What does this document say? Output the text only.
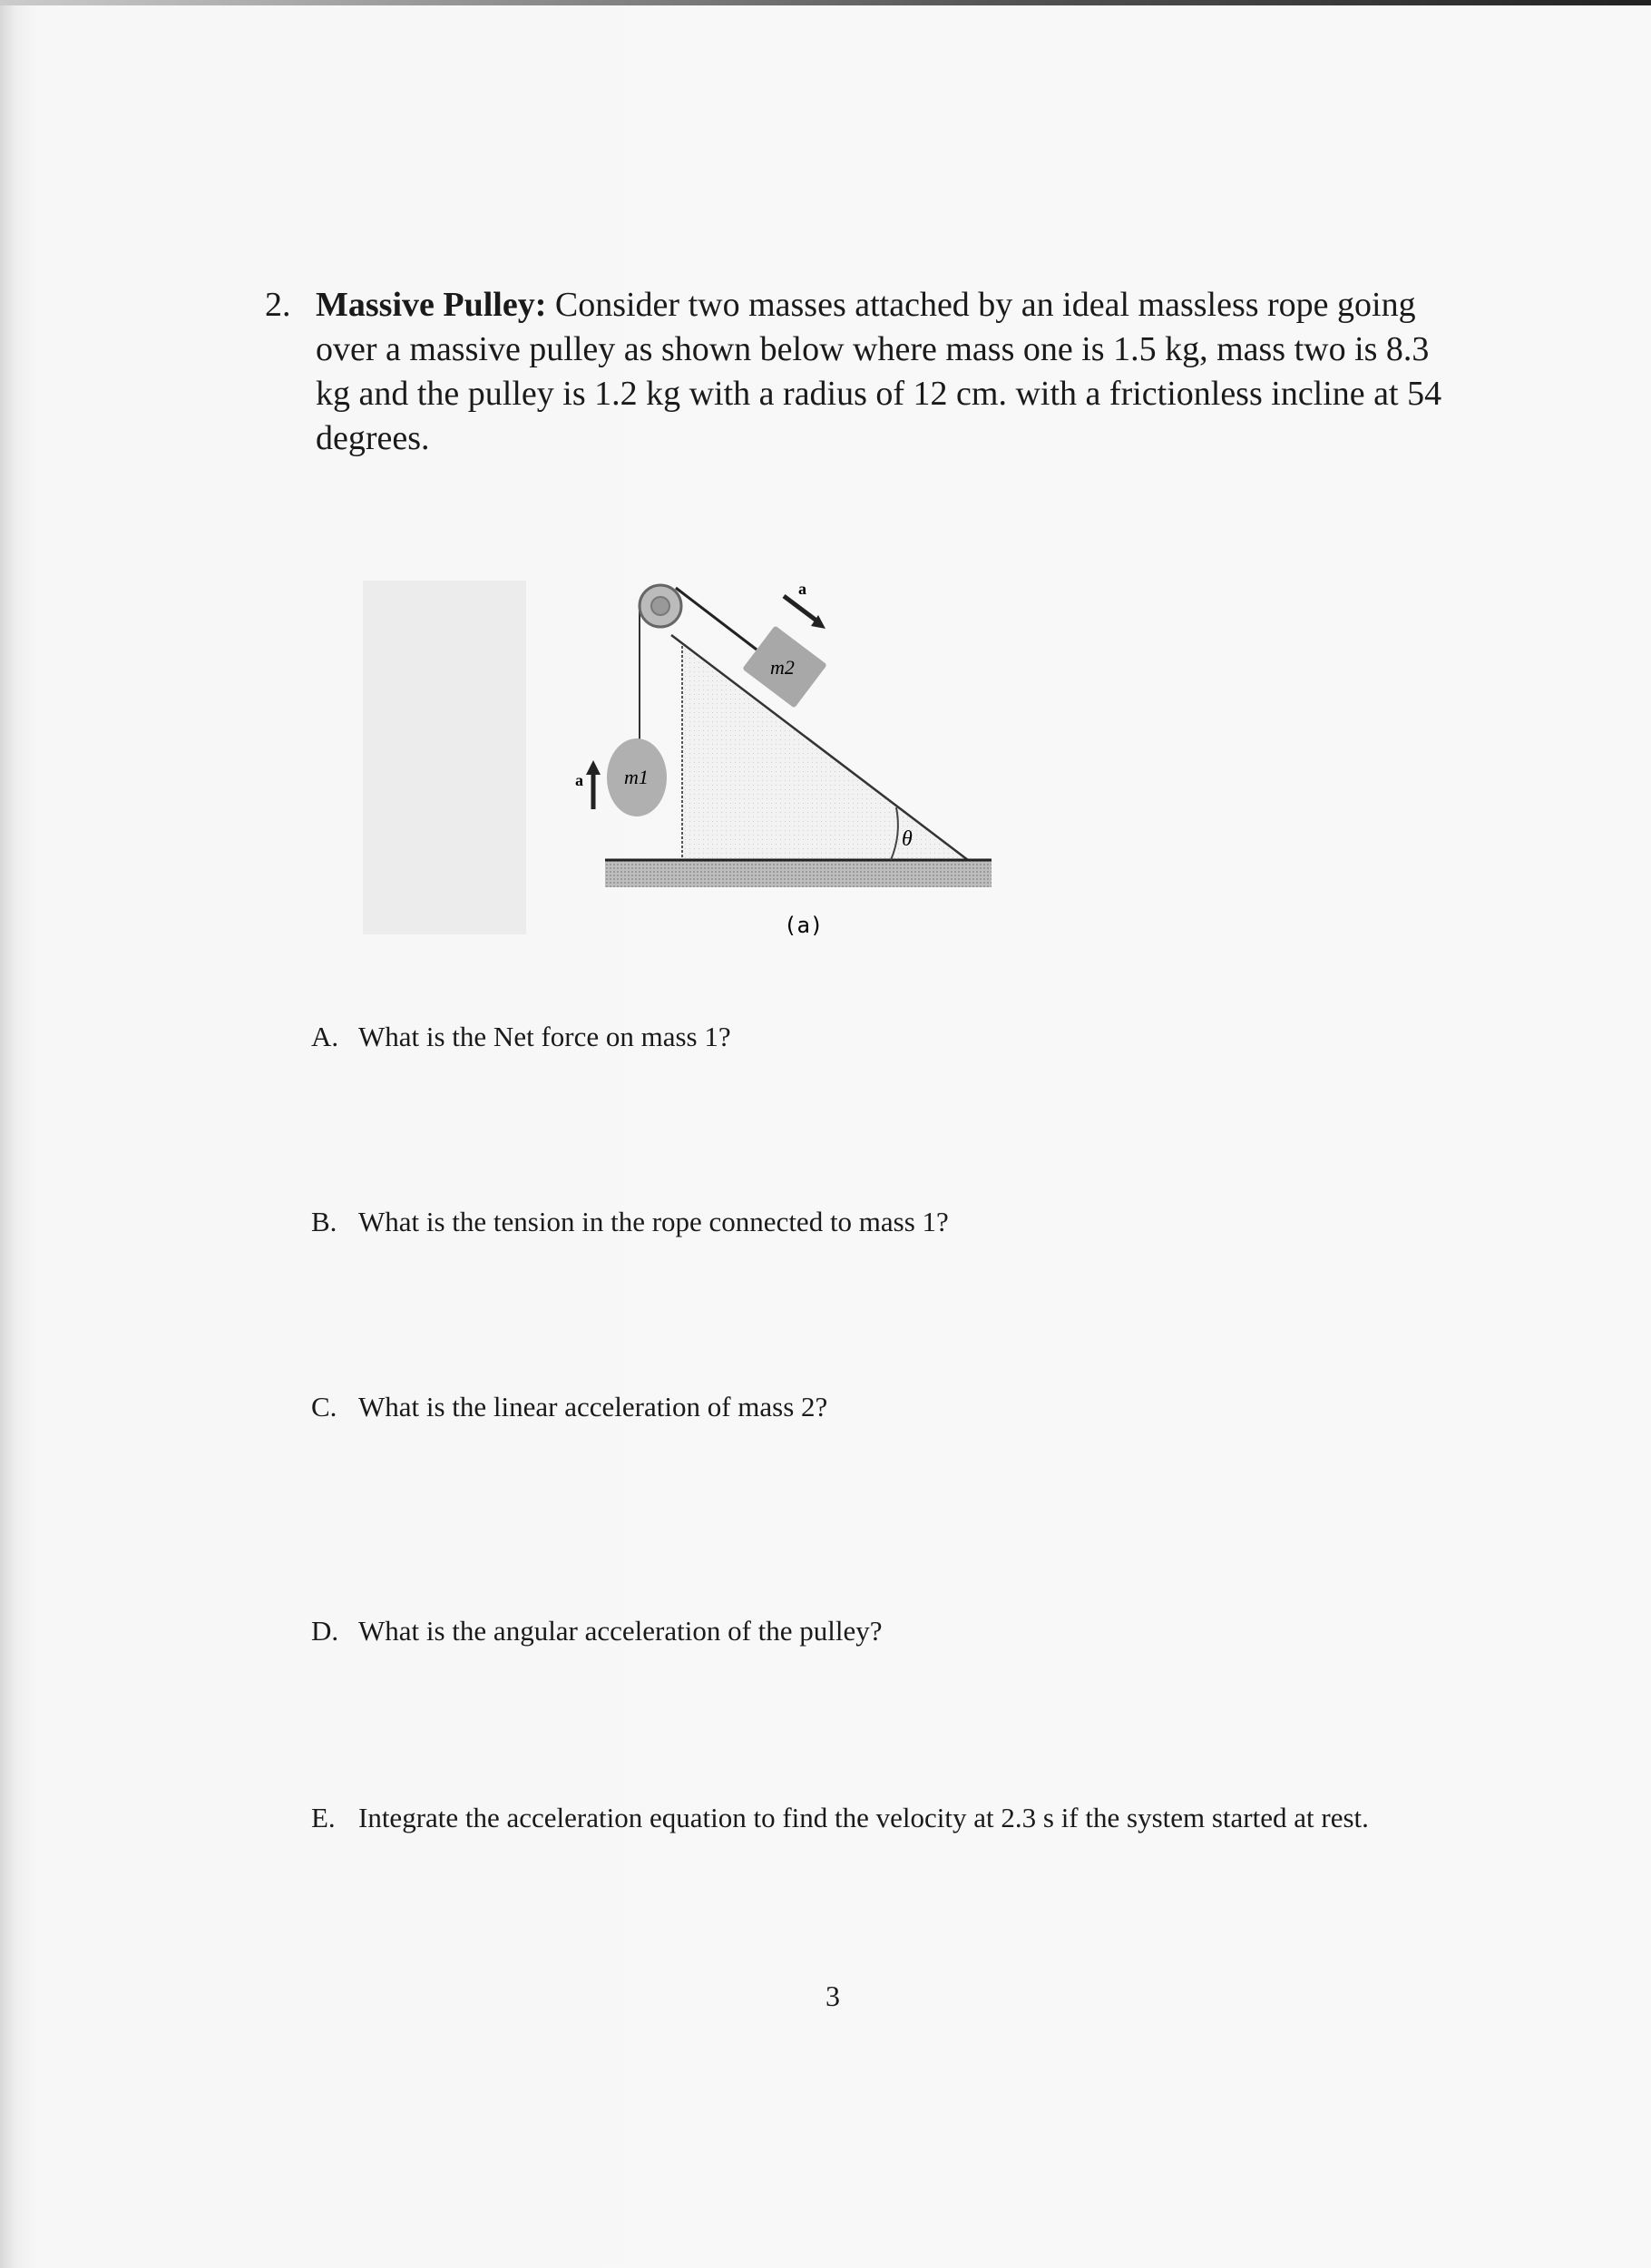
2. Massive Pulley: Consider two masses attached by an ideal massless rope going over a massive pulley as shown below where mass one is 1.5 kg, mass two is 8.3 kg and the pulley is 1.2 kg with a radius of 12 cm. with a frictionless incline at 54 degrees.
θ
m2
m1
a
a
(a)
A. What is the Net force on mass 1?
B. What is the tension in the rope connected to mass 1?
C. What is the linear acceleration of mass 2?
D. What is the angular acceleration of the pulley?
E. Integrate the acceleration equation to find the velocity at 2.3 s if the system started at rest.
3
